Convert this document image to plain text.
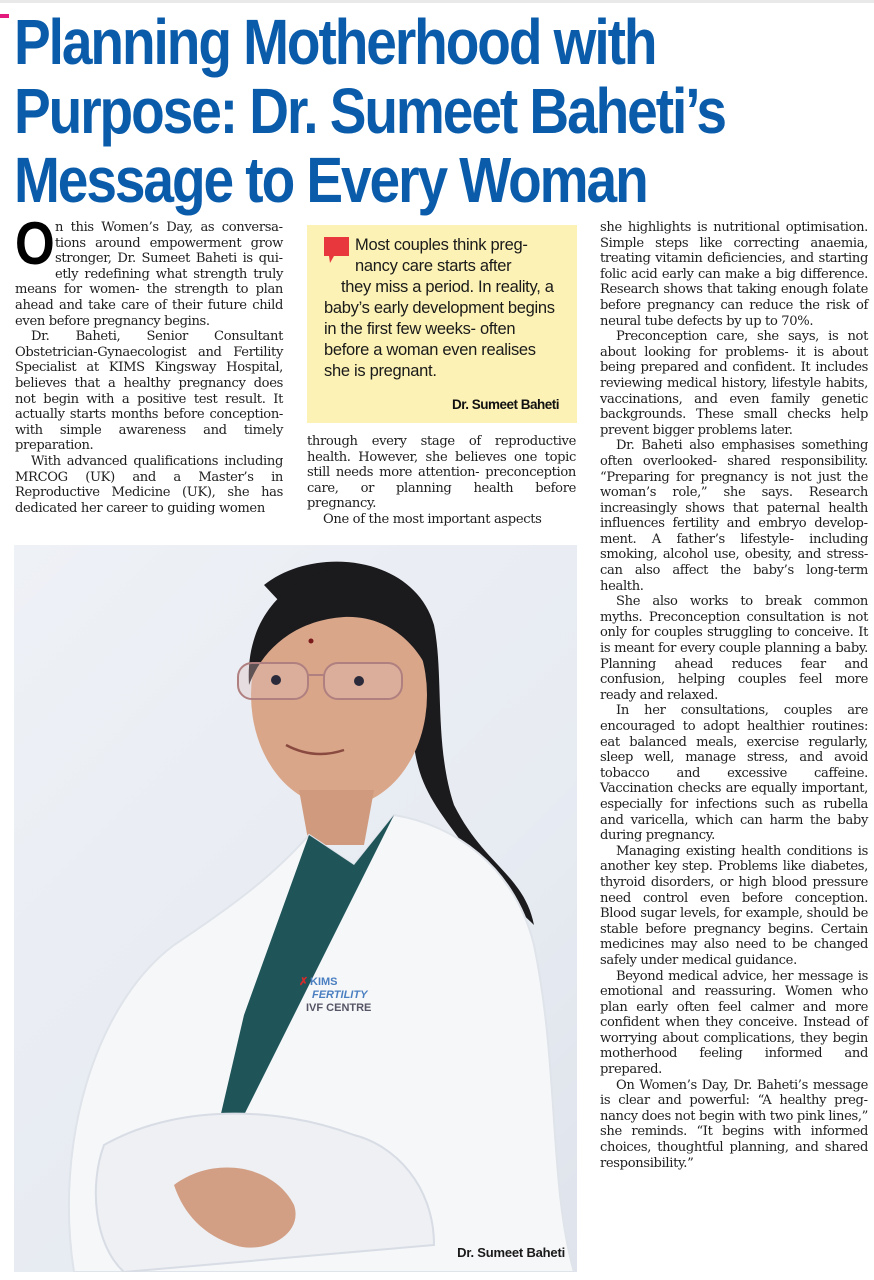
Planning Motherhood with
Purpose: Dr. Sumeet Baheti’s
Message to Every Woman

On this Women’s Day, as conversations around empowerment grow stronger, Dr. Sumeet Baheti is quietly redefining what strength truly means for women- the strength to plan ahead and take care of their future child even before pregnancy begins.

Dr. Baheti, Senior Consultant Obstetrician-Gynaecologist and Fertility Specialist at KIMS Kingsway Hospital, believes that a healthy pregnancy does not begin with a positive test result. It actually starts months before conception- with simple awareness and timely preparation.

With advanced qualifications including MRCOG (UK) and a Master’s in Reproductive Medicine (UK), she has dedicated her career to guiding women

Most couples think preg-
nancy care starts after
they miss a period. In reality, a baby’s early development begins in the first few weeks- often before a woman even realises she is pregnant.
Dr. Sumeet Baheti

through every stage of reproductive health. However, she believes one topic still needs more attention- preconception care, or planning health before pregnancy.

One of the most important aspects

she highlights is nutritional optimisation. Simple steps like correcting anaemia, treating vitamin deficiencies, and starting folic acid early can make a big difference. Research shows that taking enough folate before pregnancy can reduce the risk of neural tube defects by up to 70%.

Preconception care, she says, is not about looking for problems- it is about being prepared and confident. It includes reviewing medical history, lifestyle habits, vaccinations, and even family genetic backgrounds. These small checks help prevent bigger problems later.

Dr. Baheti also emphasises something often overlooked- shared responsibility. “Preparing for pregnancy is not just the woman’s role,” she says. Research increasingly shows that paternal health influences fertility and embryo development. A father’s lifestyle- including smoking, alcohol use, obesity, and stress- can also affect the baby’s long-term health.

She also works to break common myths. Preconception consultation is not only for couples struggling to conceive. It is meant for every couple planning a baby. Planning ahead reduces fear and confusion, helping couples feel more ready and relaxed.

In her consultations, couples are encouraged to adopt healthier routines: eat balanced meals, exercise regularly, sleep well, manage stress, and avoid tobacco and excessive caffeine. Vaccination checks are equally important, especially for infections such as rubella and varicella, which can harm the baby during pregnancy.

Managing existing health conditions is another key step. Problems like diabetes, thyroid disorders, or high blood pressure need control even before conception. Blood sugar levels, for example, should be stable before pregnancy begins. Certain medicines may also need to be changed safely under medical guidance.

Beyond medical advice, her message is emotional and reassuring. Women who plan early often feel calmer and more confident when they conceive. Instead of worrying about complications, they begin motherhood feeling informed and prepared.

On Women’s Day, Dr. Baheti’s message is clear and powerful: “A healthy pregnancy does not begin with two pink lines,” she reminds. “It begins with informed choices, thoughtful planning, and shared responsibility.”

✗ KIMS
FERTILITY
IVF CENTRE
Dr. Sumeet Baheti
